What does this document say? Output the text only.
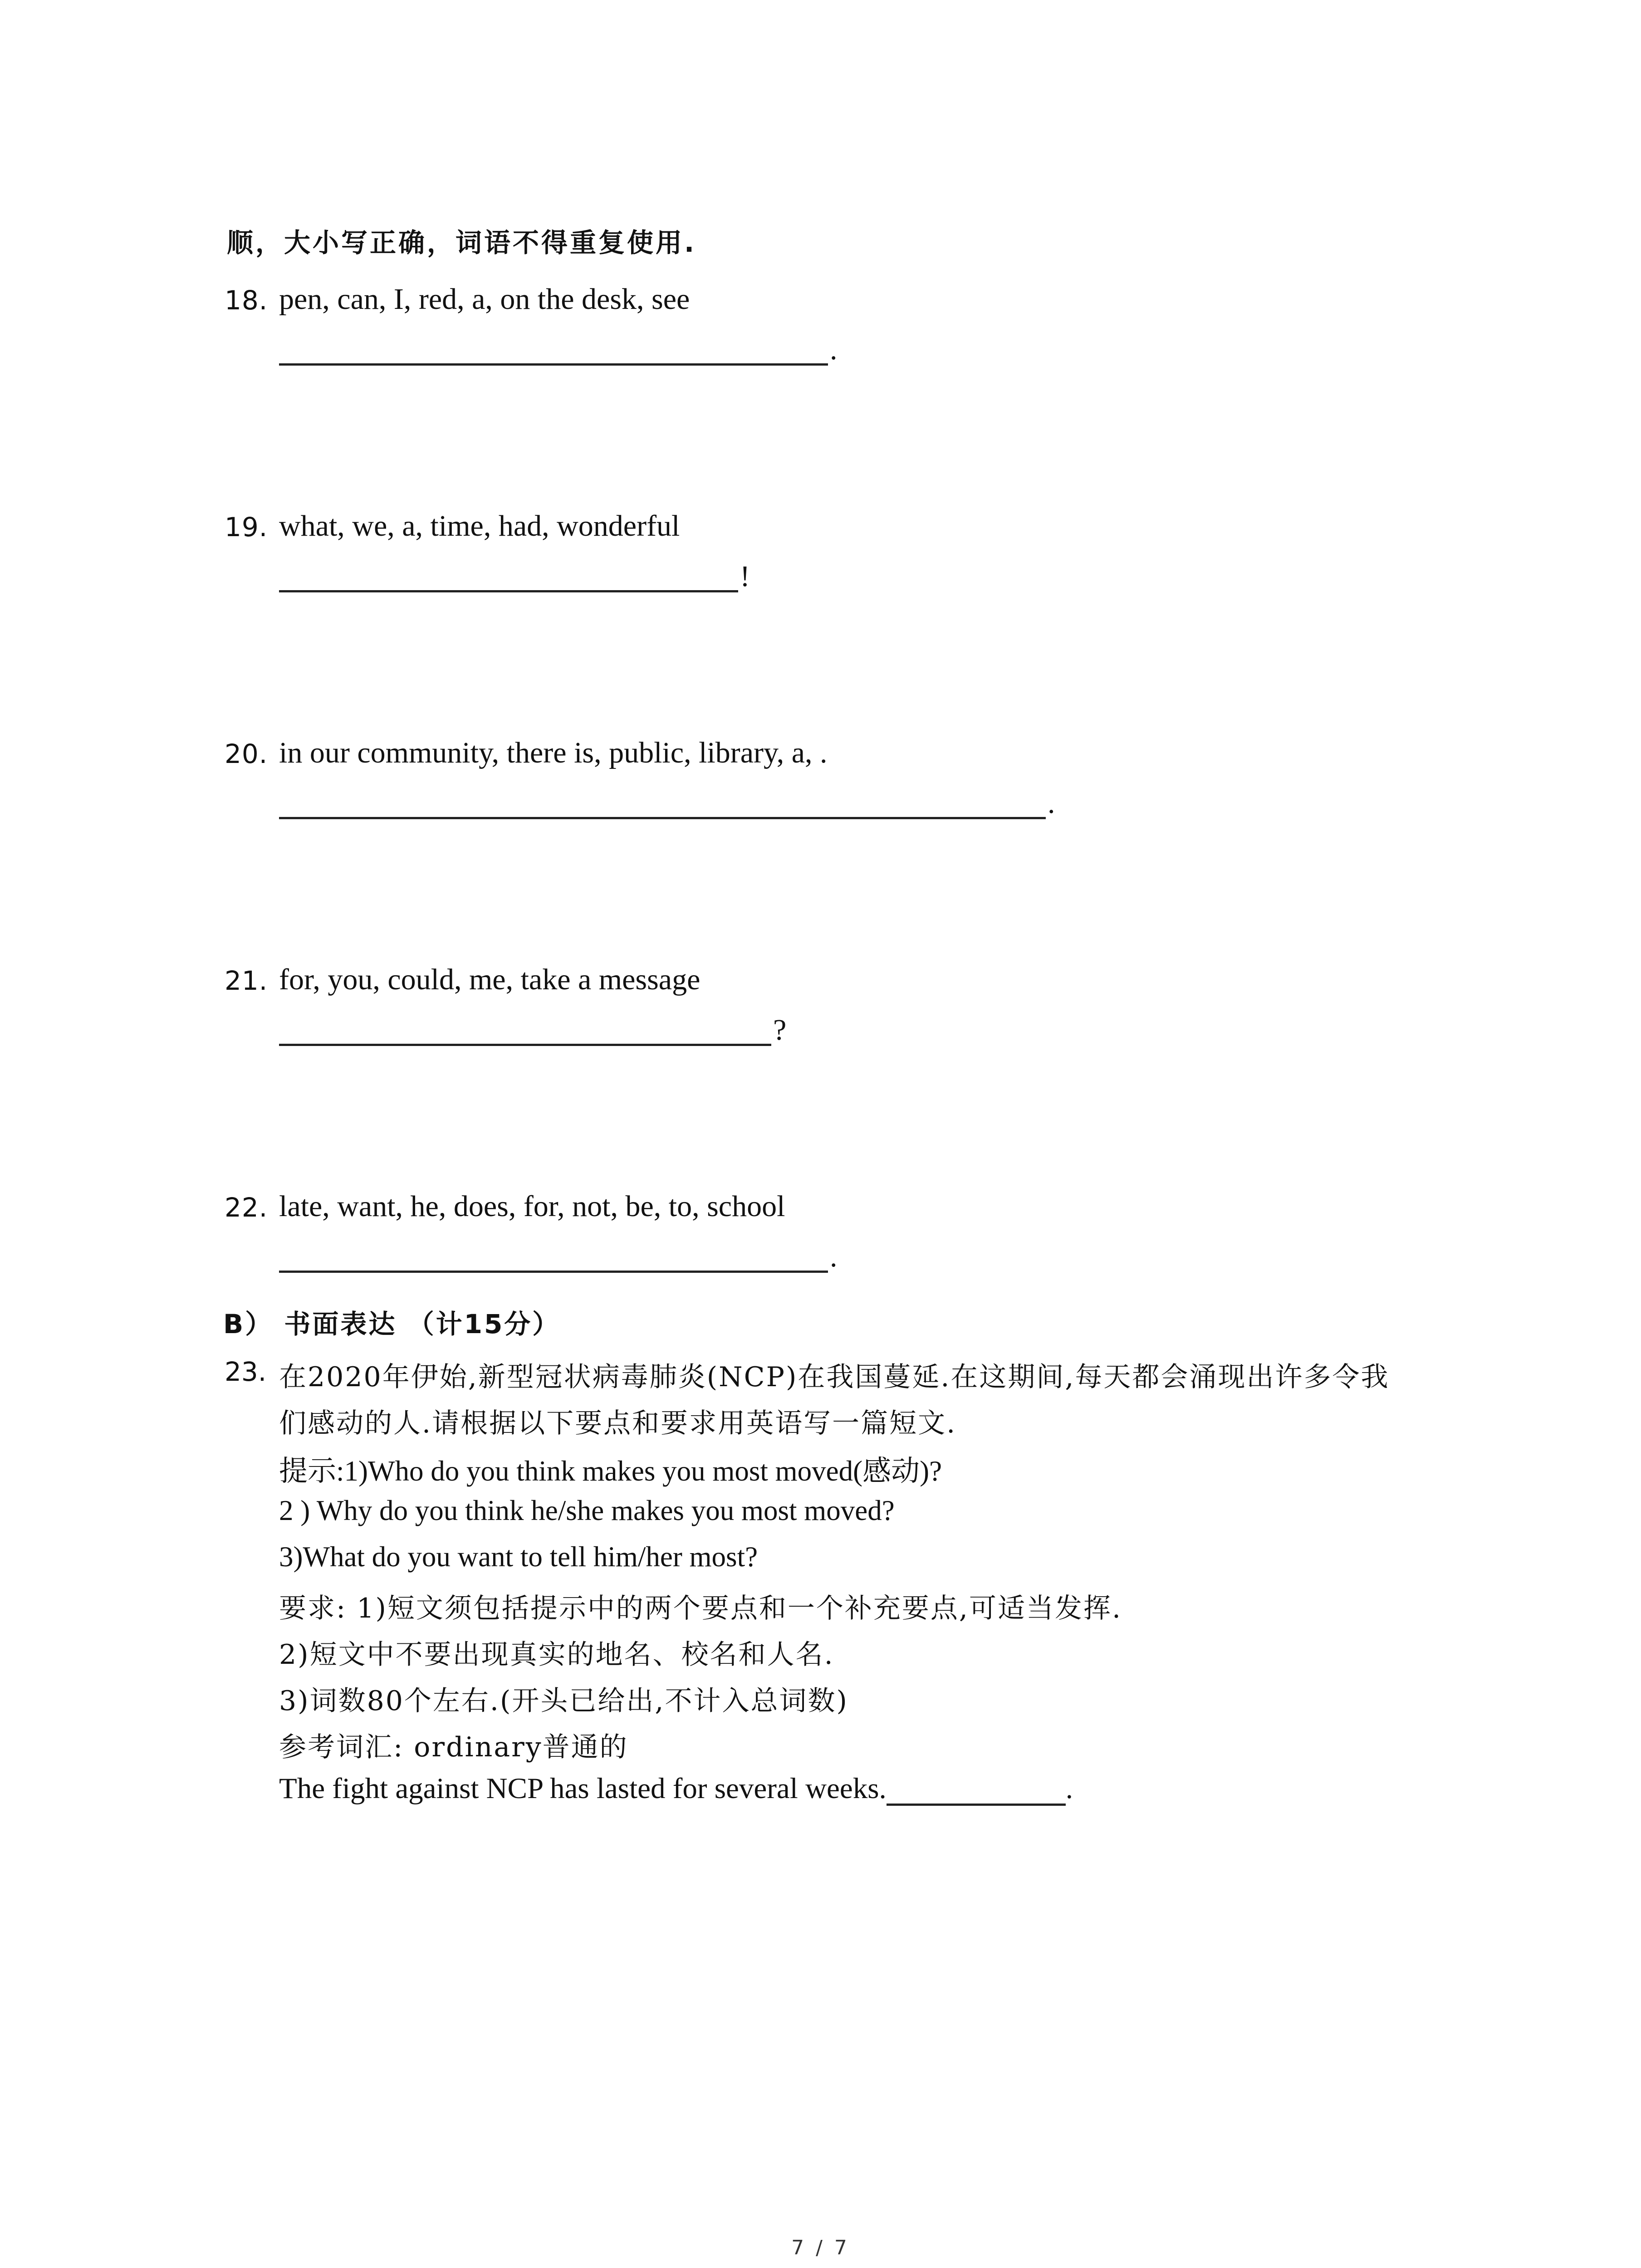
顺，大小写正确，词语不得重复使用.
18. pen, can, I, red, a, on the desk, see
.
19. what, we, a, time, had, wonderful
!
20. in our community, there is, public, library, a, .
.
21. for, you, could, me, take a message
?
22. late, want, he, does, for, not, be, to, school
.
B） 书面表达 （计15分）
23. 在2020年伊始,新型冠状病毒肺炎(NCP)在我国蔓延.在这期间,每天都会涌现出许多令我
们感动的人.请根据以下要点和要求用英语写一篇短文.
提示:1)Who do you think makes you most moved(感动)?
2 ) Why do you think he/she makes you most moved?
3)What do you want to tell him/her most?
要求: 1)短文须包括提示中的两个要点和一个补充要点,可适当发挥.
2)短文中不要出现真实的地名、校名和人名.
3)词数80个左右.(开头已给出,不计入总词数)
参考词汇: ordinary普通的
The fight against NCP has lasted for several weeks.	.
7 / 7
